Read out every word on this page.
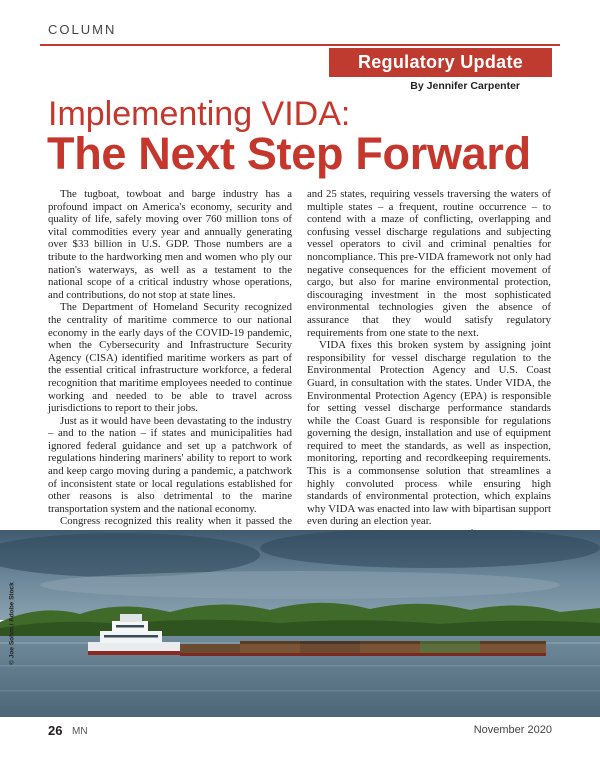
COLUMN
Regulatory Update
By Jennifer Carpenter
Implementing VIDA:
The Next Step Forward

The tugboat, towboat and barge industry has a profound impact on America's economy, security and quality of life, safely moving over 760 million tons of vital commodities every year and annually generating over $33 billion in U.S. GDP. Those numbers are a tribute to the hardworking men and women who ply our nation's waterways, as well as a testament to the national scope of a critical industry whose operations, and contributions, do not stop at state lines.

The Department of Homeland Security recognized the centrality of maritime commerce to our national economy in the early days of the COVID-19 pandemic, when the Cybersecurity and Infrastructure Security Agency (CISA) identified maritime workers as part of the essential critical infrastructure workforce, a federal recognition that maritime employees needed to continue working and needed to be able to travel across jurisdictions to report to their jobs.

Just as it would have been devastating to the industry – and to the nation – if states and municipalities had ignored federal guidance and set up a patchwork of regulations hindering mariners' ability to report to work and keep cargo moving during a pandemic, a patchwork of inconsistent state or local regulations established for other reasons is also detrimental to the marine transportation system and the national economy.

Congress recognized this reality when it passed the

and 25 states, requiring vessels traversing the waters of multiple states – a frequent, routine occurrence – to contend with a maze of conflicting, overlapping and confusing vessel discharge regulations and subjecting vessel operators to civil and criminal penalties for noncompliance. This pre-VIDA framework not only had negative consequences for the efficient movement of cargo, but also for marine environmental protection, discouraging investment in the most sophisticated environmental technologies given the absence of assurance that they would satisfy regulatory requirements from one state to the next.

VIDA fixes this broken system by assigning joint responsibility for vessel discharge regulation to the Environmental Protection Agency and U.S. Coast Guard, in consultation with the states. Under VIDA, the Environmental Protection Agency (EPA) is responsible for setting vessel discharge performance standards while the Coast Guard is responsible for regulations governing the design, installation and use of equipment required to meet the standards, as well as inspection, monitoring, reporting and recordkeeping requirements. This is a commonsense solution that streamlines a highly convoluted process while ensuring high standards of environmental protection, which explains why VIDA was enacted into law with bipartisan support even during an election year.

© Joe Sohm / Adobe Stock
26 MN	November 2020
